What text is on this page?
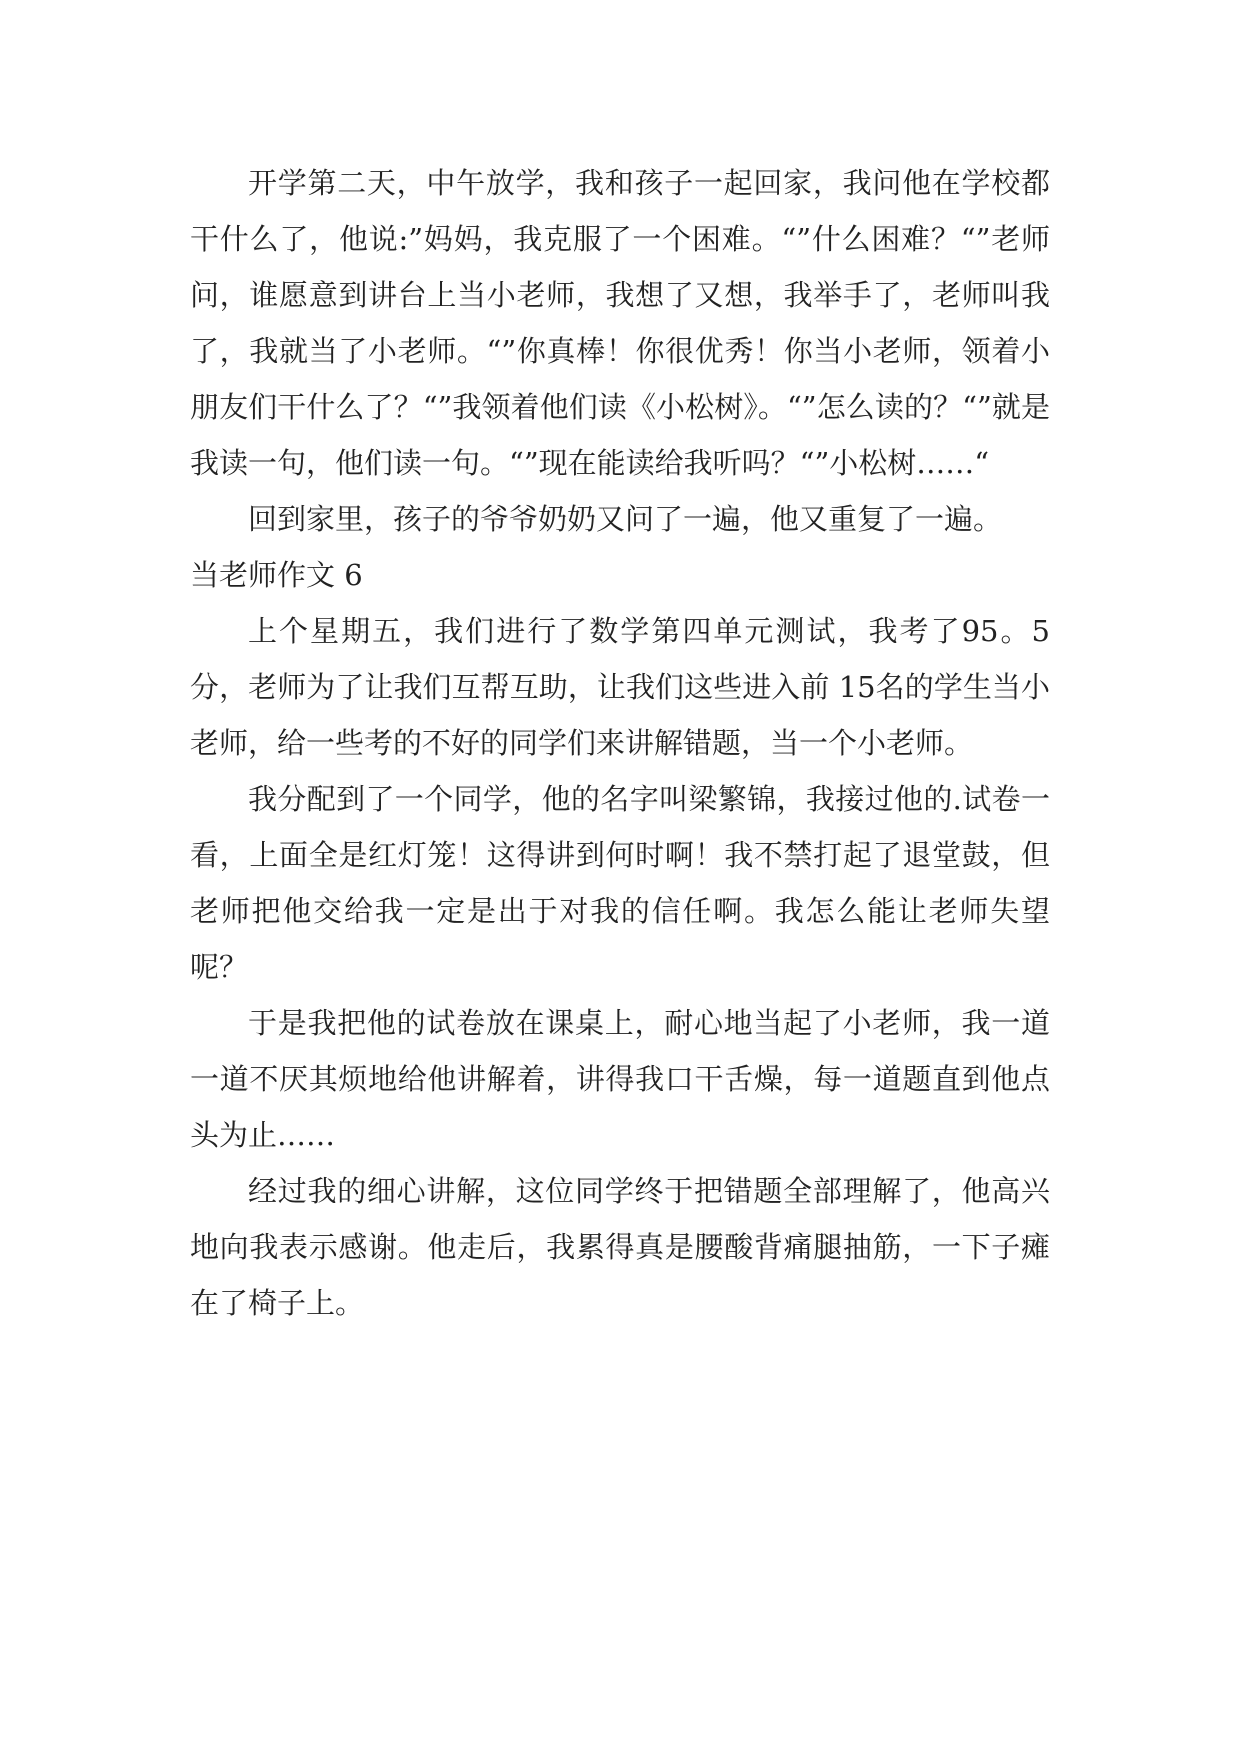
开学第二天，中午放学，我和孩子一起回家，我问他在学校都干什么了，他说:”妈妈，我克服了一个困难。“”什么困难？“”老师问，谁愿意到讲台上当小老师，我想了又想，我举手了，老师叫我了，我就当了小老师。“”你真棒！你很优秀！你当小老师，领着小朋友们干什么了？“”我领着他们读《小松树》。“”怎么读的？“”就是我读一句，他们读一句。“”现在能读给我听吗？“”小松树……“

回到家里，孩子的爷爷奶奶又问了一遍，他又重复了一遍。

当老师作文 6

上个星期五，我们进行了数学第四单元测试，我考了95。5 分，老师为了让我们互帮互助，让我们这些进入前 15名的学生当小老师，给一些考的不好的同学们来讲解错题，当一个小老师。

我分配到了一个同学，他的名字叫梁繁锦，我接过他的.试卷一看，上面全是红灯笼！这得讲到何时啊！我不禁打起了退堂鼓，但老师把他交给我一定是出于对我的信任啊。我怎么能让老师失望呢？

于是我把他的试卷放在课桌上，耐心地当起了小老师，我一道一道不厌其烦地给他讲解着，讲得我口干舌燥，每一道题直到他点头为止……

经过我的细心讲解，这位同学终于把错题全部理解了，他高兴地向我表示感谢。他走后，我累得真是腰酸背痛腿抽筋，一下子瘫在了椅子上。
